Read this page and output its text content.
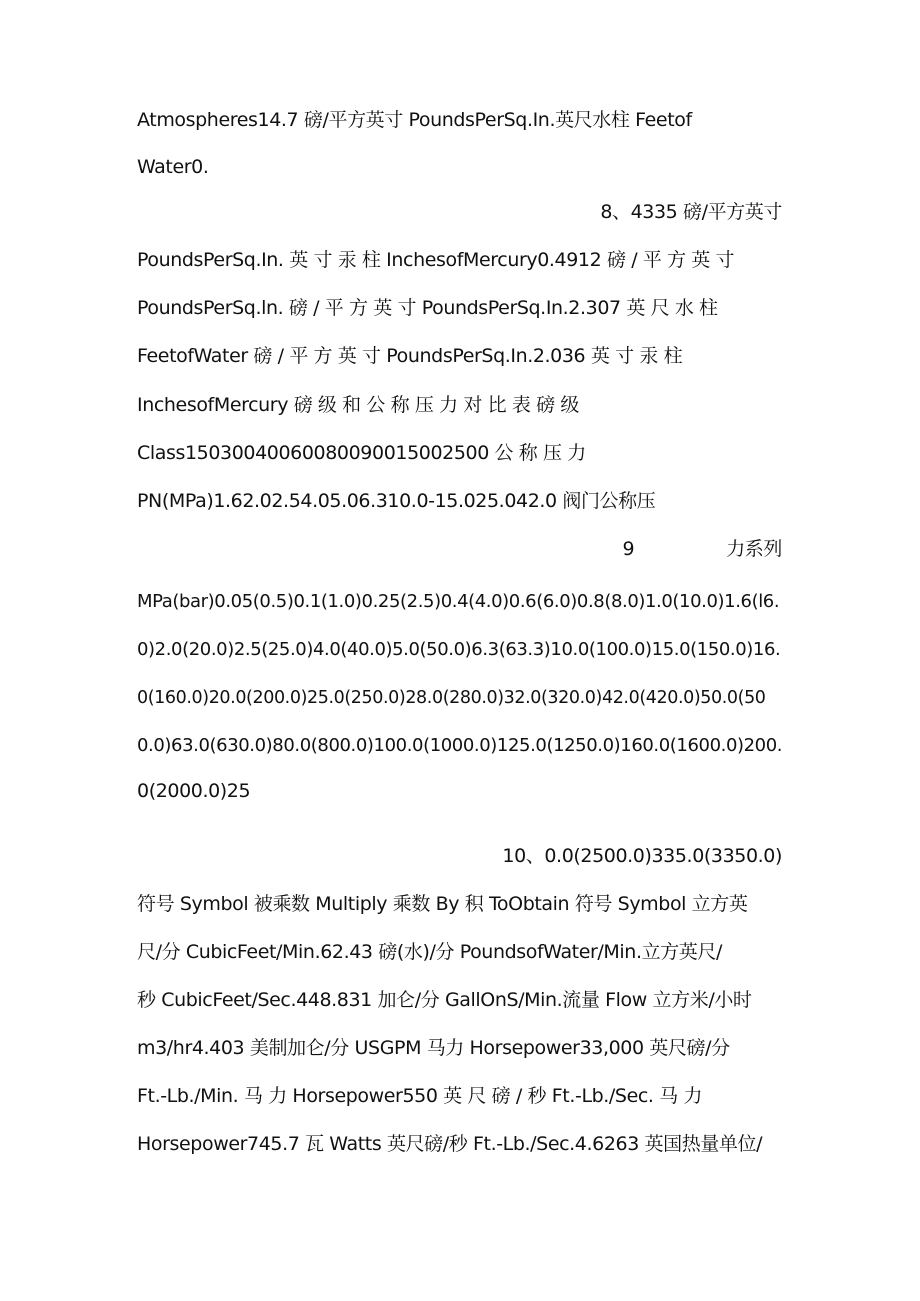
Atmospheres14.7 磅/平方英寸 PoundsPerSq.In.英尺水柱 Feetof
Water0.
8、4335 磅/平方英寸
PoundsPerSq.In. 英 寸 汞 柱 InchesofMercury0.4912 磅 / 平 方 英 寸
PoundsPerSq.ln. 磅 / 平 方 英 寸 PoundsPerSq.In.2.307 英 尺 水 柱
FeetofWater 磅 / 平 方 英 寸 PoundsPerSq.In.2.036 英 寸 汞 柱
InchesofMercury 磅 级 和 公 称 压 力 对 比 表 磅 级
Class15030040060080090015002500 公 称 压 力
PN(MPa)1.62.02.54.05.06.310.0-15.025.042.0 阀门公称压
9	力系列
MPa(bar)0.05(0.5)0.1(1.0)0.25(2.5)0.4(4.0)0.6(6.0)0.8(8.0)1.0(10.0)1.6(l6.
0)2.0(20.0)2.5(25.0)4.0(40.0)5.0(50.0)6.3(63.3)10.0(100.0)15.0(150.0)16.
0(160.0)20.0(200.0)25.0(250.0)28.0(280.0)32.0(320.0)42.0(420.0)50.0(50
0.0)63.0(630.0)80.0(800.0)100.0(1000.0)125.0(1250.0)160.0(1600.0)200.
0(2000.0)25
10、0.0(2500.0)335.0(3350.0)
符号 Symbol 被乘数 Multiply 乘数 By 积 ToObtain 符号 Symbol 立方英
尺/分 CubicFeet/Min.62.43 磅(水)/分 PoundsofWater/Min.立方英尺/
秒 CubicFeet/Sec.448.831 加仑/分 GallOnS/Min.流量 Flow 立方米/小时
m3∕hr4.403 美制加仑/分 USGPM 马力 Horsepower33,000 英尺磅/分
Ft.-Lb./Min. 马 力 Horsepower550 英 尺 磅 / 秒 Ft.-Lb./Sec. 马 力
Horsepower745.7 瓦 Watts 英尺磅/秒 Ft.-Lb.∕Sec.4.6263 英国热量单位/
